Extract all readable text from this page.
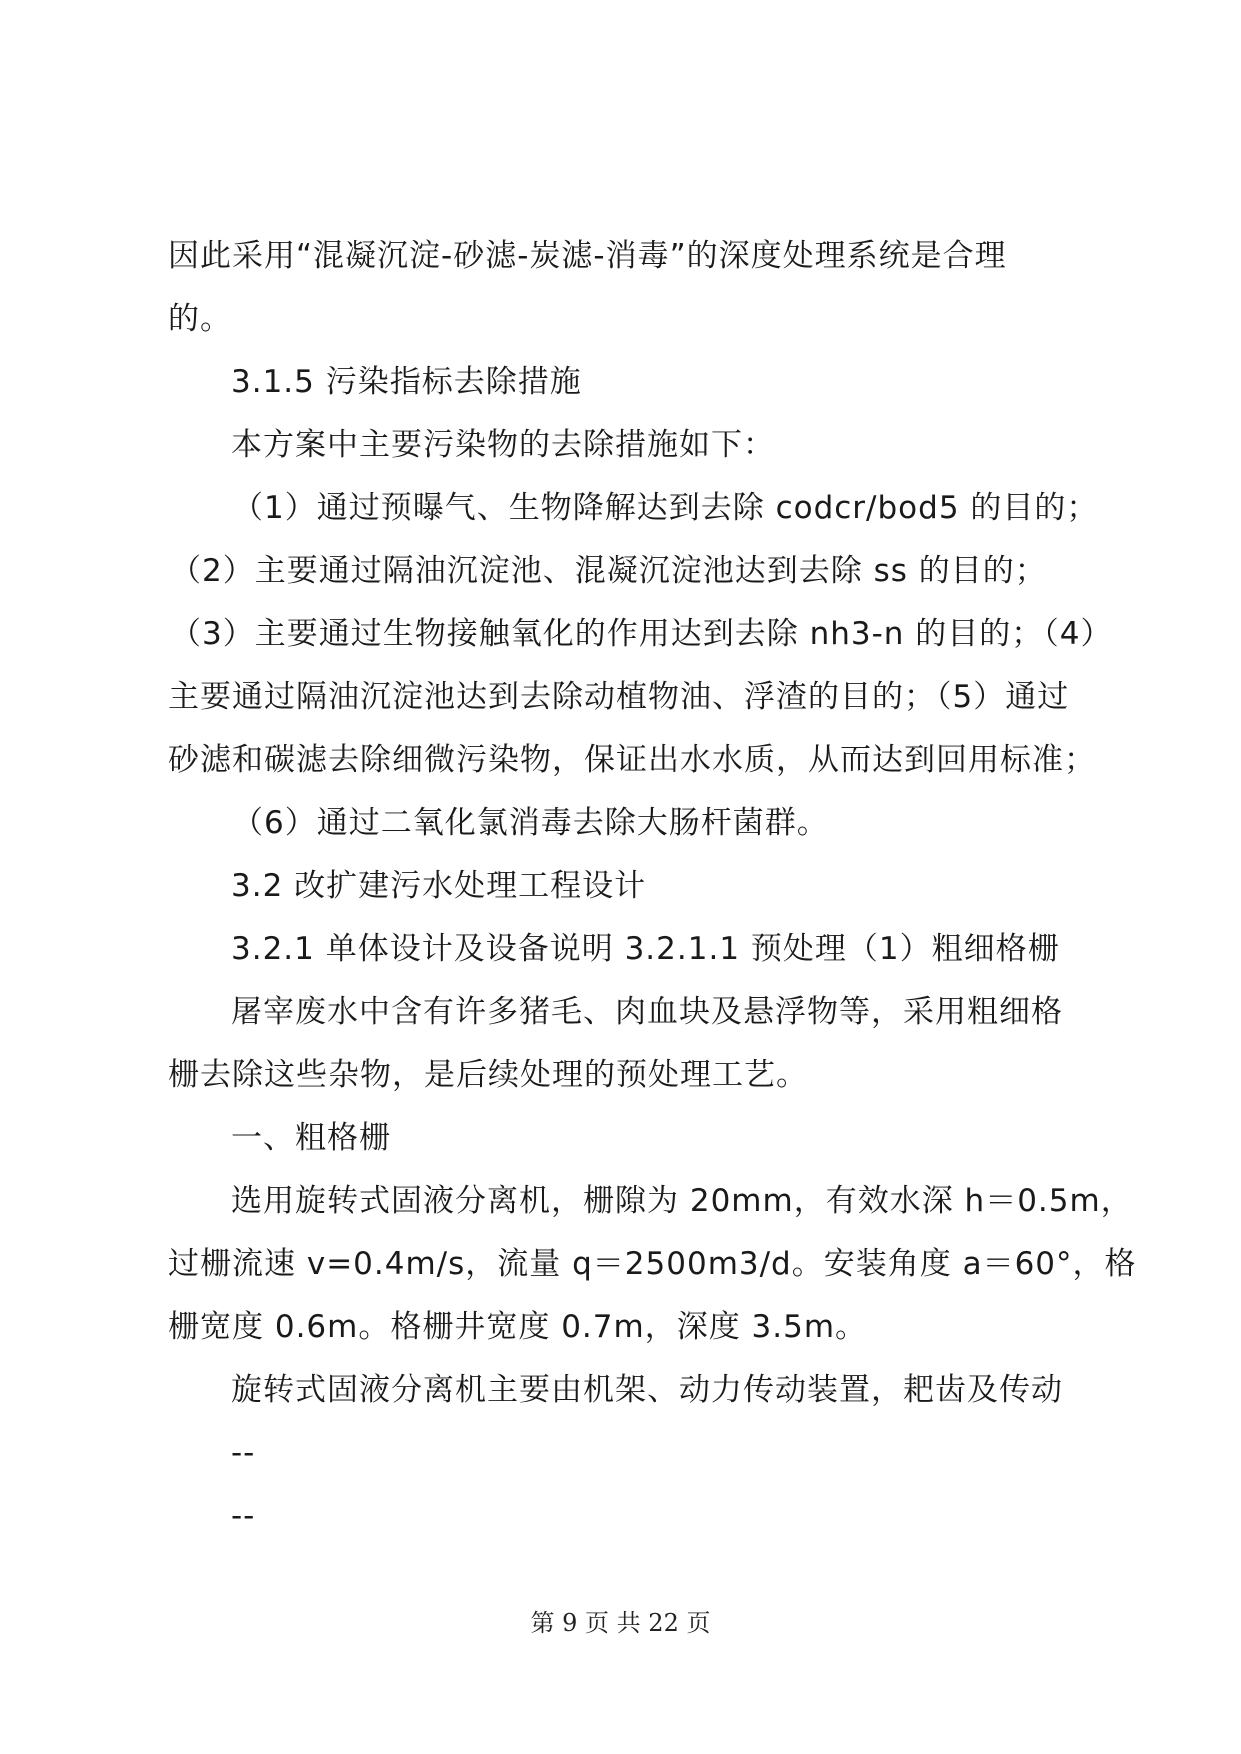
因此采用“混凝沉淀-砂滤-炭滤-消毒”的深度处理系统是合理
的。
3.1.5 污染指标去除措施
本方案中主要污染物的去除措施如下：
（1）通过预曝气、生物降解达到去除 codcr/bod5 的目的；
（2）主要通过隔油沉淀池、混凝沉淀池达到去除 ss 的目的；
（3）主要通过生物接触氧化的作用达到去除 nh3-n 的目的；（4）
主要通过隔油沉淀池达到去除动植物油、浮渣的目的；（5）通过
砂滤和碳滤去除细微污染物，保证出水水质，从而达到回用标准；
（6）通过二氧化氯消毒去除大肠杆菌群。
3.2 改扩建污水处理工程设计
3.2.1 单体设计及设备说明 3.2.1.1 预处理（1）粗细格栅
屠宰废水中含有许多猪毛、肉血块及悬浮物等，采用粗细格
栅去除这些杂物，是后续处理的预处理工艺。
一、粗格栅
选用旋转式固液分离机，栅隙为 20mm，有效水深 h＝0.5m，
过栅流速 v=0.4m/s，流量 q＝2500m3/d。安装角度 a＝60°，格
栅宽度 0.6m。格栅井宽度 0.7m，深度 3.5m。
旋转式固液分离机主要由机架、动力传动装置，耙齿及传动
--
--
第 9 页 共 22 页
